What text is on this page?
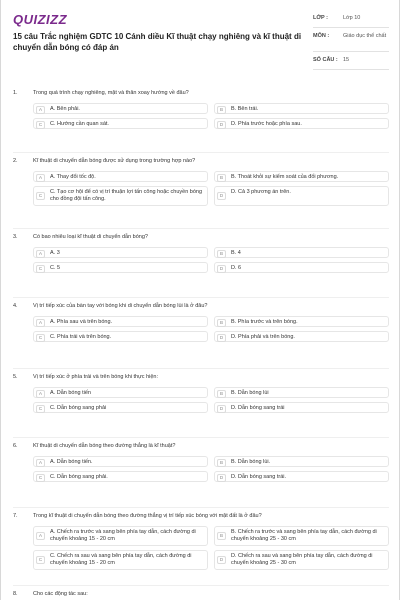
QUIZIZZ
15 câu Trắc nghiệm GDTC 10 Cánh diều Kĩ thuật chạy nghiêng và kĩ thuật di chuyển dẫn bóng có đáp án
LỚP :	Lớp 10
MÔN :	Giáo dục thể chất
SỐ CÂU : 15
1.	Trong quá trình chạy nghiêng, mặt và thân xoay hướng về đâu?
A	A. Bên phải.	B	B. Bên trái.
C	C. Hướng cần quan sát.	D	D. Phía trước hoặc phía sau.
2.	Kĩ thuật di chuyển dẫn bóng được sử dụng trong trường hợp nào?
A	A. Thay đổi tốc độ.	B	B. Thoát khỏi sự kiểm soát của đối phương.
C
C. Tạo cơ hội để có vị trí thuận lợi tấn công hoặc chuyền bóng cho đồng đội tấn công.
D
D. Cả 3 phương án trên.
3.	Có bao nhiêu loại kĩ thuật di chuyển dẫn bóng?
A	A. 3	B	B. 4
C	C. 5	D	D. 6
4.	Vị trí tiếp xúc của bàn tay với bóng khi di chuyển dẫn bóng lùi là ở đâu?
A	A. Phía sau và trên bóng.	B	B. Phía trước và trên bóng.
C	C. Phía trái và trên bóng.	D	D. Phía phải và trên bóng.
5.	Vị trí tiếp xúc ở phía trái và trên bóng khi thực hiện:
A	A. Dẫn bóng tiến	B	B. Dẫn bóng lùi
C	C. Dẫn bóng sang phải	D	D. Dẫn bóng sang trái
6.	Kĩ thuật di chuyển dẫn bóng theo đường thẳng là kĩ thuật?
A	A. Dẫn bóng tiến.	B	B. Dẫn bóng lùi.
C	C. Dẫn bóng sang phải.	D	D. Dẫn bóng sang trái.
7.	Trong kĩ thuật di chuyển dẫn bóng theo đường thẳng vị trí tiếp xúc bóng với mặt đất là ở đâu?
A
A. Chếch ra trước và sang bên phía tay dẫn, cách đường di chuyển khoảng 15 - 20 cm
B
B. Chếch ra trước và sang bên phía tay dẫn, cách đường di chuyển khoảng 25 - 30 cm
C
C. Chếch ra sau và sang bên phía tay dẫn, cách đường di chuyển khoảng 15 - 20 cm
D
D. Chếch ra sau và sang bên phía tay dẫn, cách đường di chuyển khoảng 25 - 30 cm
8.	Cho các động tác sau:
